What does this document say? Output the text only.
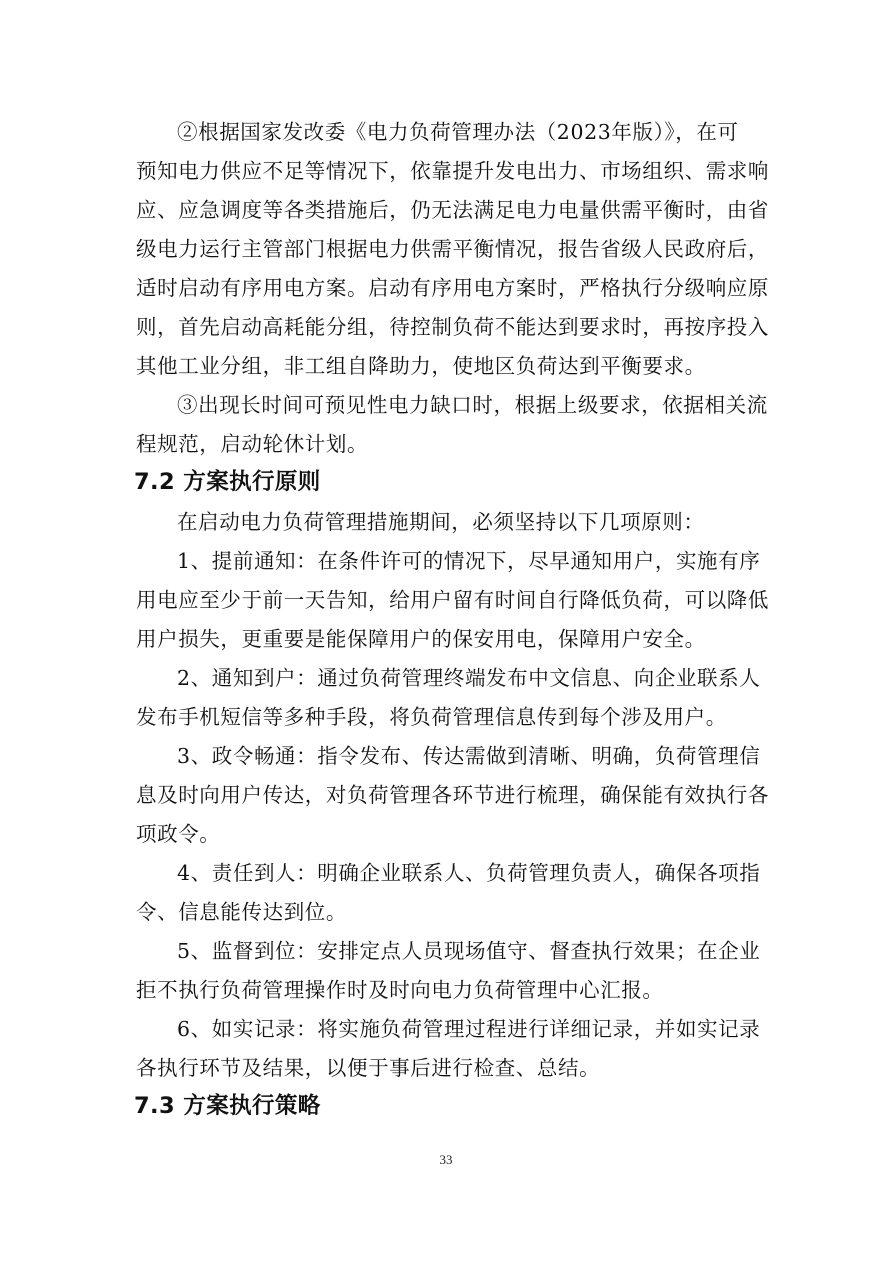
②根据国家发改委《电力负荷管理办法（2023年版）》，在可
预知电力供应不足等情况下，依靠提升发电出力、市场组织、需求响
应、应急调度等各类措施后，仍无法满足电力电量供需平衡时，由省
级电力运行主管部门根据电力供需平衡情况，报告省级人民政府后，
适时启动有序用电方案。启动有序用电方案时，严格执行分级响应原
则，首先启动高耗能分组，待控制负荷不能达到要求时，再按序投入
其他工业分组，非工组自降助力，使地区负荷达到平衡要求。
③出现长时间可预见性电力缺口时，根据上级要求，依据相关流
程规范，启动轮休计划。
7.2 方案执行原则
在启动电力负荷管理措施期间，必须坚持以下几项原则：
1、提前通知：在条件许可的情况下，尽早通知用户，实施有序
用电应至少于前一天告知，给用户留有时间自行降低负荷，可以降低
用户损失，更重要是能保障用户的保安用电，保障用户安全。
2、通知到户：通过负荷管理终端发布中文信息、向企业联系人
发布手机短信等多种手段，将负荷管理信息传到每个涉及用户。
3、政令畅通：指令发布、传达需做到清晰、明确，负荷管理信
息及时向用户传达，对负荷管理各环节进行梳理，确保能有效执行各
项政令。
4、责任到人：明确企业联系人、负荷管理负责人，确保各项指
令、信息能传达到位。
5、监督到位：安排定点人员现场值守、督查执行效果；在企业
拒不执行负荷管理操作时及时向电力负荷管理中心汇报。
6、如实记录：将实施负荷管理过程进行详细记录，并如实记录
各执行环节及结果，以便于事后进行检查、总结。
7.3 方案执行策略
33
